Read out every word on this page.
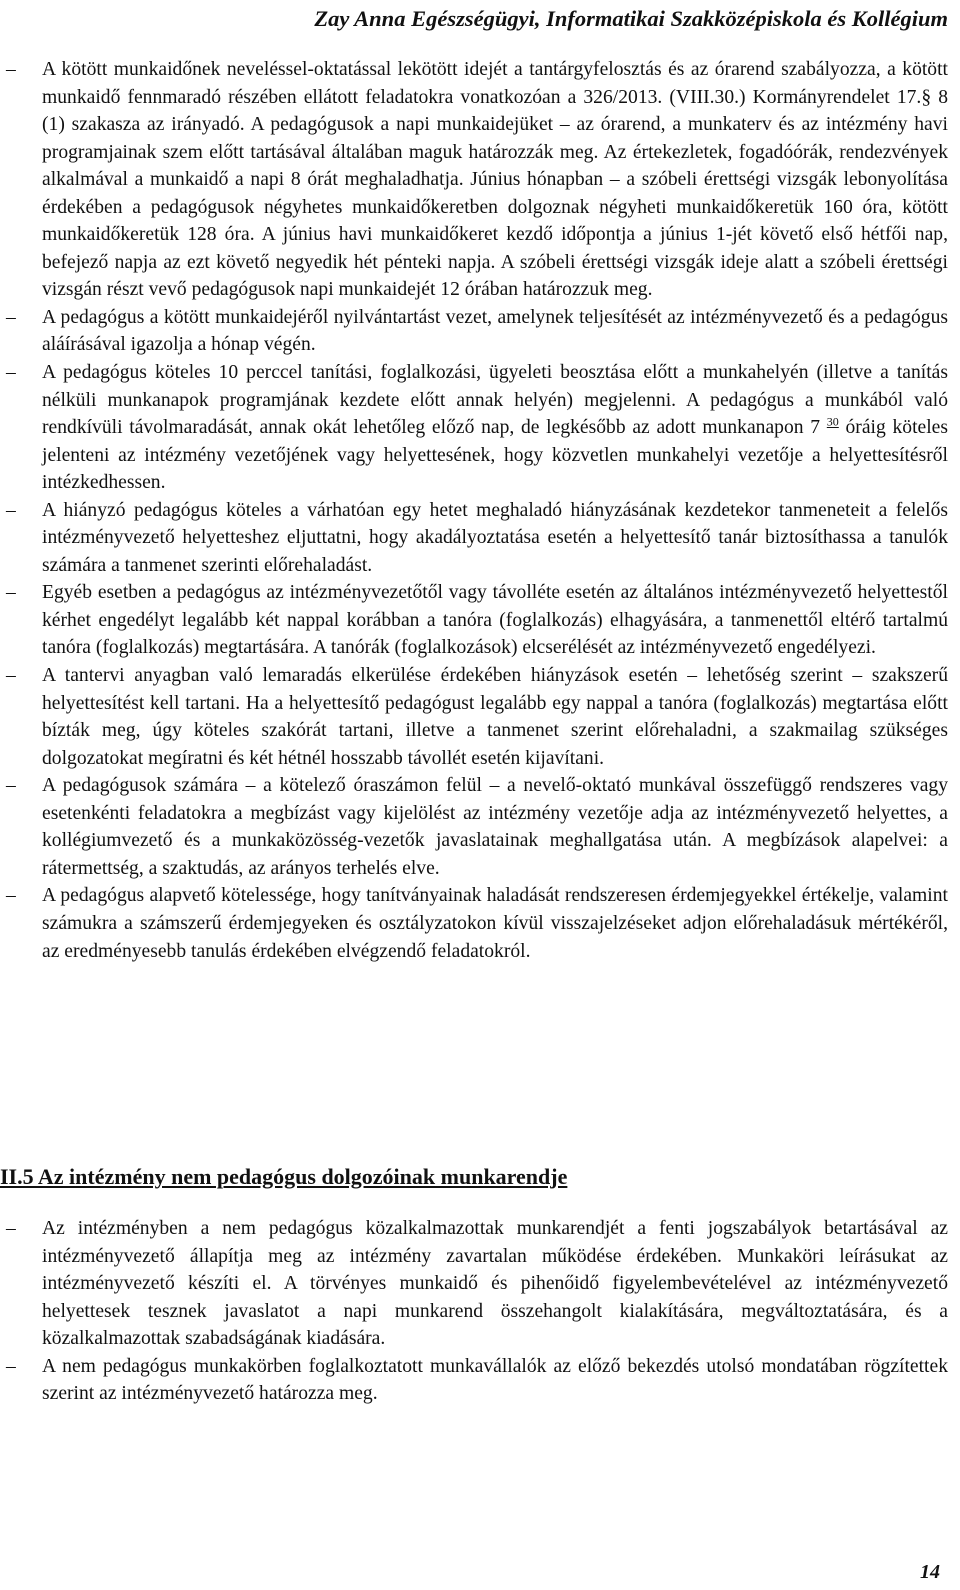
Zay Anna Egészségügyi, Informatikai Szakközépiskola és Kollégium
– A kötött munkaidőnek neveléssel-oktatással lekötött idejét a tantárgyfelosztás és az órarend szabályozza, a kötött munkaidő fennmaradó részében ellátott feladatokra vonatkozóan a 326/2013. (VIII.30.) Kormányrendelet 17.§ 8 (1) szakasza az irányadó. A pedagógusok a napi munkaidejüket – az órarend, a munkaterv és az intézmény havi programjainak szem előtt tartásával általában maguk határozzák meg. Az értekezletek, fogadóórák, rendezvények alkalmával a munkaidő a napi 8 órát meghaladhatja. Június hónapban – a szóbeli érettségi vizsgák lebonyolítása érdekében a pedagógusok négyhetes munkaidőkeretben dolgoznak négyheti munkaidőkeretük 160 óra, kötött munkaidőkeretük 128 óra. A június havi munkaidőkeret kezdő időpontja a június 1-jét követő első hétfői nap, befejező napja az ezt követő negyedik hét pénteki napja. A szóbeli érettségi vizsgák ideje alatt a szóbeli érettségi vizsgán részt vevő pedagógusok napi munkaidejét 12 órában határozzuk meg.
– A pedagógus a kötött munkaidejéről nyilvántartást vezet, amelynek teljesítését az intézményvezető és a pedagógus aláírásával igazolja a hónap végén.
– A pedagógus köteles 10 perccel tanítási, foglalkozási, ügyeleti beosztása előtt a munkahelyén (illetve a tanítás nélküli munkanapok programjának kezdete előtt annak helyén) megjelenni. A pedagógus a munkából való rendkívüli távolmaradását, annak okát lehetőleg előző nap, de legkésőbb az adott munkanapon 7 $^{30}$ óráig köteles jelenteni az intézmény vezetőjének vagy helyettesének, hogy közvetlen munkahelyi vezetője a helyettesítésről intézkedhessen.
– A hiányzó pedagógus köteles a várhatóan egy hetet meghaladó hiányzásának kezdetekor tanmeneteit a felelős intézményvezető helyetteshez eljuttatni, hogy akadályoztatása esetén a helyettesítő tanár biztosíthassa a tanulók számára a tanmenet szerinti előrehaladást.
– Egyéb esetben a pedagógus az intézményvezetőtől vagy távolléte esetén az általános intézményvezető helyettestől kérhet engedélyt legalább két nappal korábban a tanóra (foglalkozás) elhagyására, a tanmenettől eltérő tartalmú tanóra (foglalkozás) megtartására. A tanórák (foglalkozások) elcserélését az intézményvezető engedélyezi.
– A tantervi anyagban való lemaradás elkerülése érdekében hiányzások esetén – lehetőség szerint – szakszerű helyettesítést kell tartani. Ha a helyettesítő pedagógust legalább egy nappal a tanóra (foglalkozás) megtartása előtt bízták meg, úgy köteles szakórát tartani, illetve a tanmenet szerint előrehaladni, a szakmailag szükséges dolgozatokat megíratni és két hétnél hosszabb távollét esetén kijavítani.
– A pedagógusok számára – a kötelező óraszámon felül – a nevelő-oktató munkával összefüggő rendszeres vagy esetenkénti feladatokra a megbízást vagy kijelölést az intézmény vezetője adja az intézményvezető helyettes, a kollégiumvezető és a munkaközösség-vezetők javaslatainak meghallgatása után. A megbízások alapelvei: a rátermettség, a szaktudás, az arányos terhelés elve.
– A pedagógus alapvető kötelessége, hogy tanítványainak haladását rendszeresen érdemjegyekkel értékelje, valamint számukra a számszerű érdemjegyeken és osztályzatokon kívül visszajelzéseket adjon előrehaladásuk mértékéről, az eredményesebb tanulás érdekében elvégzendő feladatokról.
II.5 Az intézmény nem pedagógus dolgozóinak munkarendje
– Az intézményben a nem pedagógus közalkalmazottak munkarendjét a fenti jogszabályok betartásával az intézményvezető állapítja meg az intézmény zavartalan működése érdekében. Munkaköri leírásukat az intézményvezető készíti el. A törvényes munkaidő és pihenőidő figyelembevételével az intézményvezető helyettesek tesznek javaslatot a napi munkarend összehangolt kialakítására, megváltoztatására, és a közalkalmazottak szabadságának kiadására.
– A nem pedagógus munkakörben foglalkoztatott munkavállalók az előző bekezdés utolsó mondatában rögzítettek szerint az intézményvezető határozza meg.
14
